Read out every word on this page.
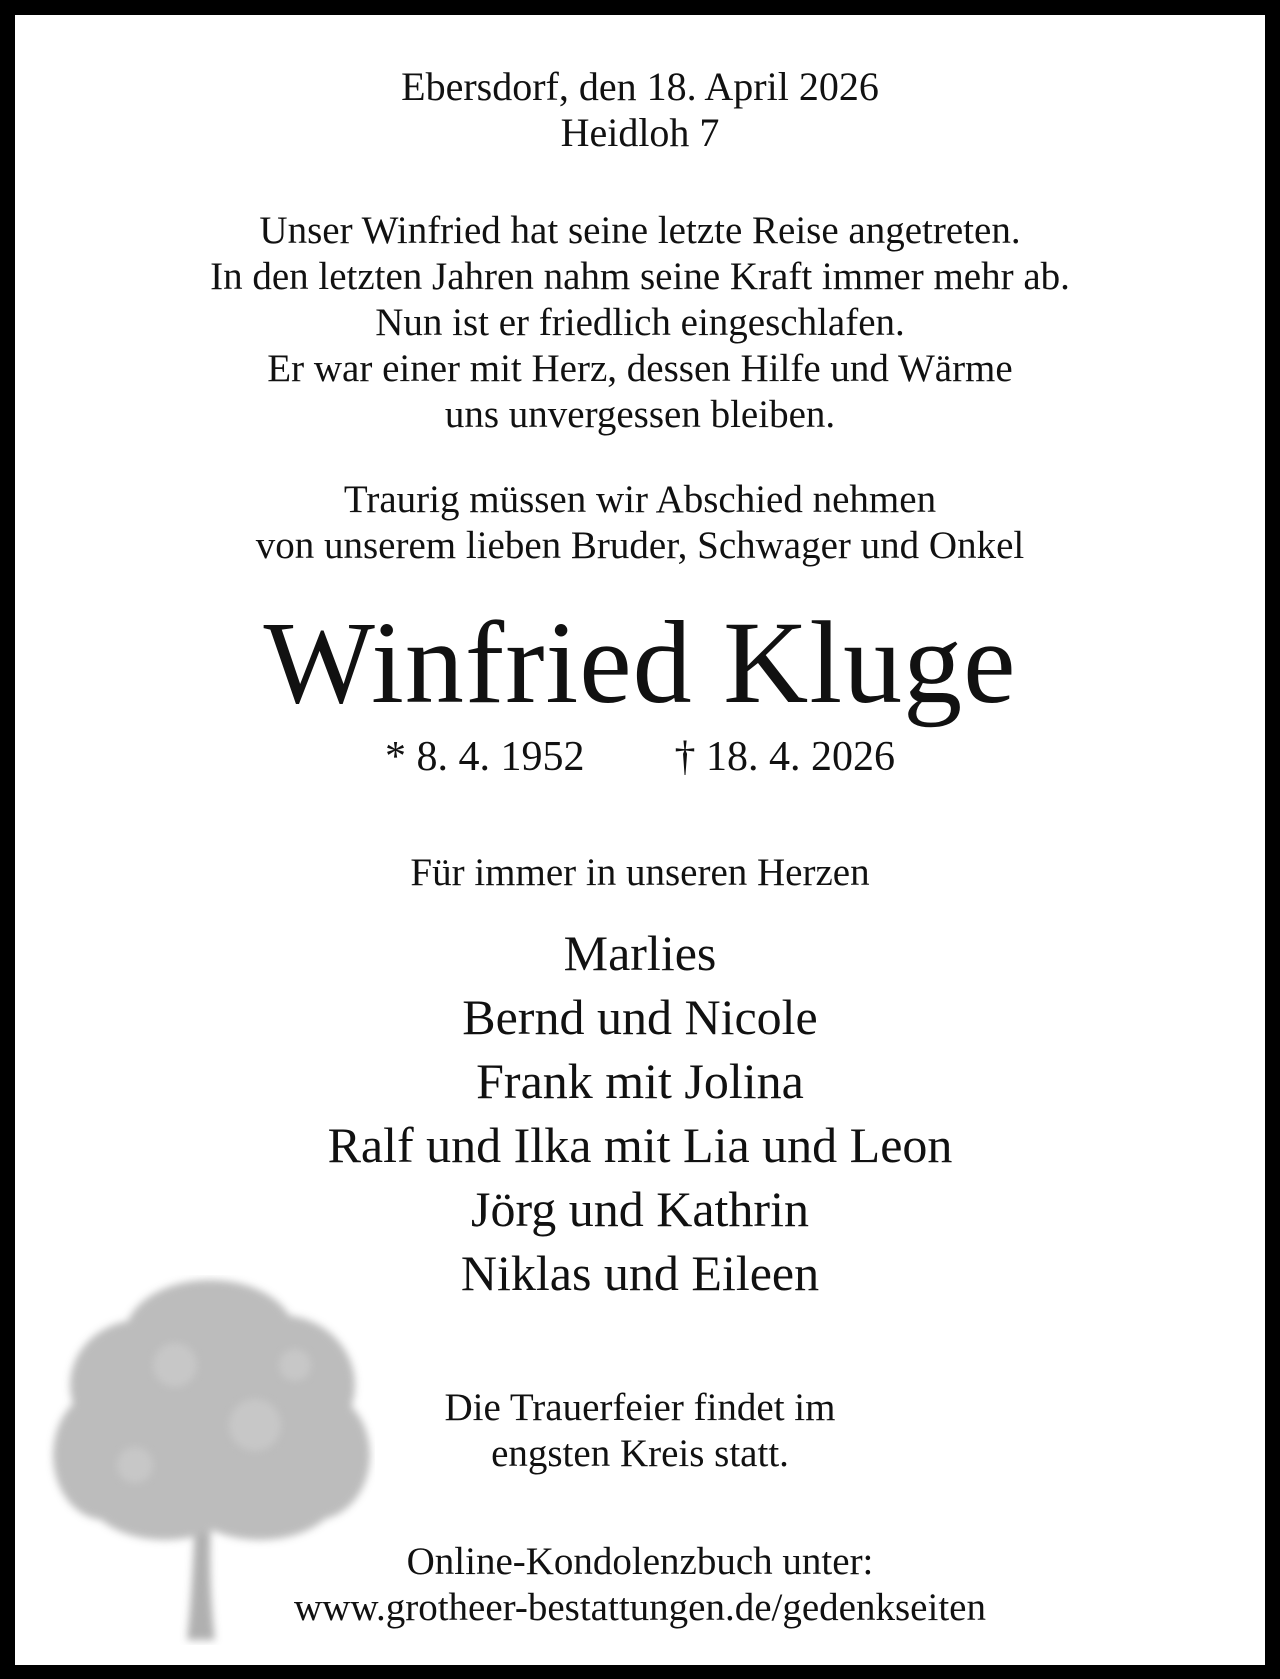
Ebersdorf, den 18. April 2026
Heidloh 7
Unser Winfried hat seine letzte Reise angetreten.
In den letzten Jahren nahm seine Kraft immer mehr ab.
Nun ist er friedlich eingeschlafen.
Er war einer mit Herz, dessen Hilfe und Wärme
uns unvergessen bleiben.
Traurig müssen wir Abschied nehmen
von unserem lieben Bruder, Schwager und Onkel
Winfried Kluge
* 8. 4. 1952 † 18. 4. 2026
Für immer in unseren Herzen
Marlies
Bernd und Nicole
Frank mit Jolina
Ralf und Ilka mit Lia und Leon
Jörg und Kathrin
Niklas und Eileen
Die Trauerfeier findet im
engsten Kreis statt.
Online-Kondolenzbuch unter:
www.grotheer-bestattungen.de/gedenkseiten
